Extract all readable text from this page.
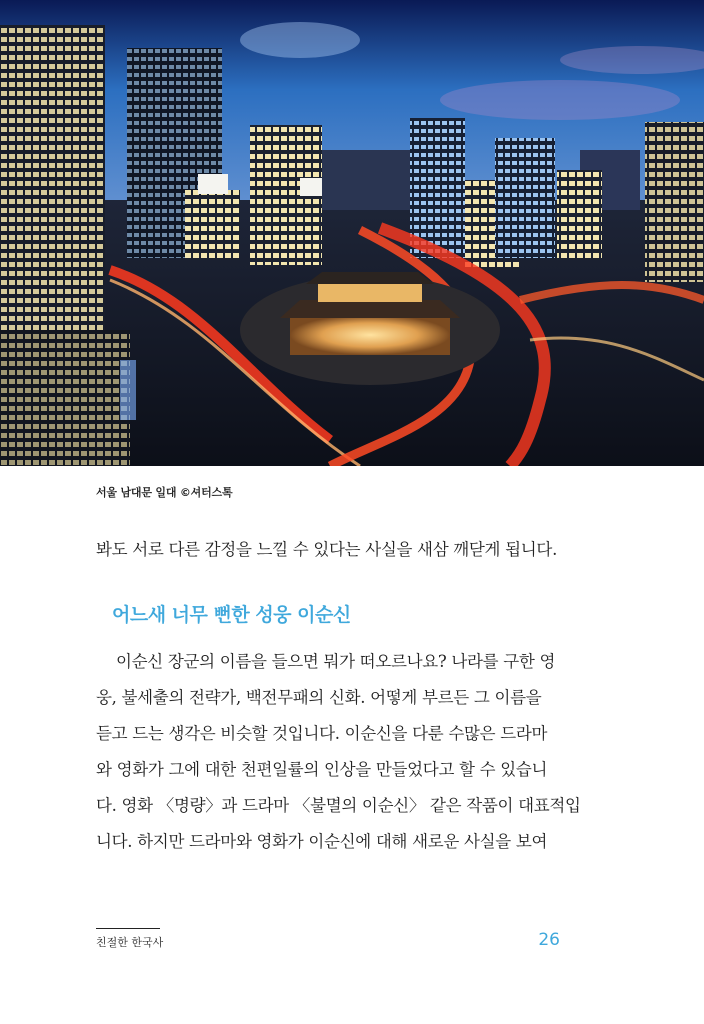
서울 남대문 일대 ©셔터스톡
봐도 서로 다른 감정을 느낄 수 있다는 사실을 새삼 깨닫게 됩니다.
어느새 너무 뻔한 성웅 이순신
이순신 장군의 이름을 들으면 뭐가 떠오르나요? 나라를 구한 영
웅, 불세출의 전략가, 백전무패의 신화. 어떻게 부르든 그 이름을
듣고 드는 생각은 비슷할 것입니다. 이순신을 다룬 수많은 드라마
와 영화가 그에 대한 천편일률의 인상을 만들었다고 할 수 있습니
다. 영화 〈명량〉과 드라마 〈불멸의 이순신〉 같은 작품이 대표적입
니다. 하지만 드라마와 영화가 이순신에 대해 새로운 사실을 보여
친절한 한국사	26
